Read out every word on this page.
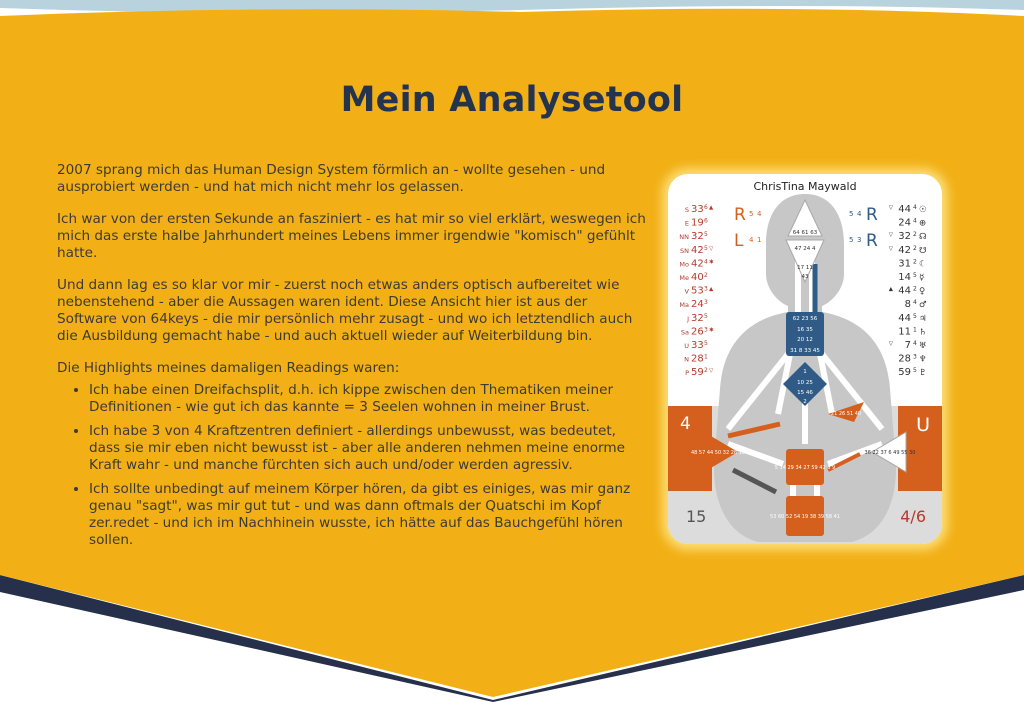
Mein Analysetool

2007 sprang mich das Human Design System förmlich an - wollte gesehen - und ausprobiert werden - und hat mich nicht mehr los gelassen.

Ich war von der ersten Sekunde an fasziniert - es hat mir so viel erklärt, weswegen ich mich das erste halbe Jahrhundert meines Lebens immer irgendwie "komisch" gefühlt hatte.

Und dann lag es so klar vor mir - zuerst noch etwas anders optisch aufbereitet wie nebenstehend - aber die Aussagen waren ident. Diese Ansicht hier ist aus der Software von 64keys - die mir persönlich mehr zusagt - und wo ich letztendlich auch die Ausbildung gemacht habe - und auch aktuell wieder auf Weiterbildung bin.

Die Highlights meines damaligen Readings waren:

• Ich habe einen Dreifachsplit, d.h. ich kippe zwischen den Thematiken meiner Definitionen - wie gut ich das kannte = 3 Seelen wohnen in meiner Brust.
• Ich habe 3 von 4 Kraftzentren definiert - allerdings unbewusst, was bedeutet, dass sie mir eben nicht bewusst ist - aber alle anderen nehmen meine enorme Kraft wahr - und manche fürchten sich auch und/oder werden agressiv.
• Ich sollte unbedingt auf meinem Körper hören, da gibt es einiges, was mir ganz genau "sagt", was mir gut tut - und was dann oftmals der Quatschi im Kopf zer.redet - und ich im Nachhinein wusste, ich hätte auf das Bauchgefühl hören sollen.
ChrisTina Maywald
R 5 4
L 4 1
5 4 R
5 3 R
S 33 6 ▲
E 19 6
NN 32 5
SN 42 5 ▽
Mo 42 4 ✱
Me 40 2
V 53 3 ▲
Ma 24 3
J 32 5
Sa 26 3 ✱
U 33 5
N 28 1
P 59 2 ▽
▽ 44 4 ☉
24 4 ⊕
▽ 32 2 ☊
▽ 42 2 ☋
31 2 ☾
14 5 ☿
▲ 44 2 ♀
8 4 ♂
44 5 ♃
11 1 ♄
▽ 7 4 ♅
28 3 ♆
59 5 ♇
64 61 63
47 24 4
17 11
43
62 23 56
16 35
20 12
31 8 33 45
1
10 25
15 46
2
21 26 51 40
48 57 44 50 32 28 18	36 22 37 6 49 55 30
5 14 29 34 27 59 42 3 9
53 60 52 54 19 38 39 58 41
4	U
15	4/6
